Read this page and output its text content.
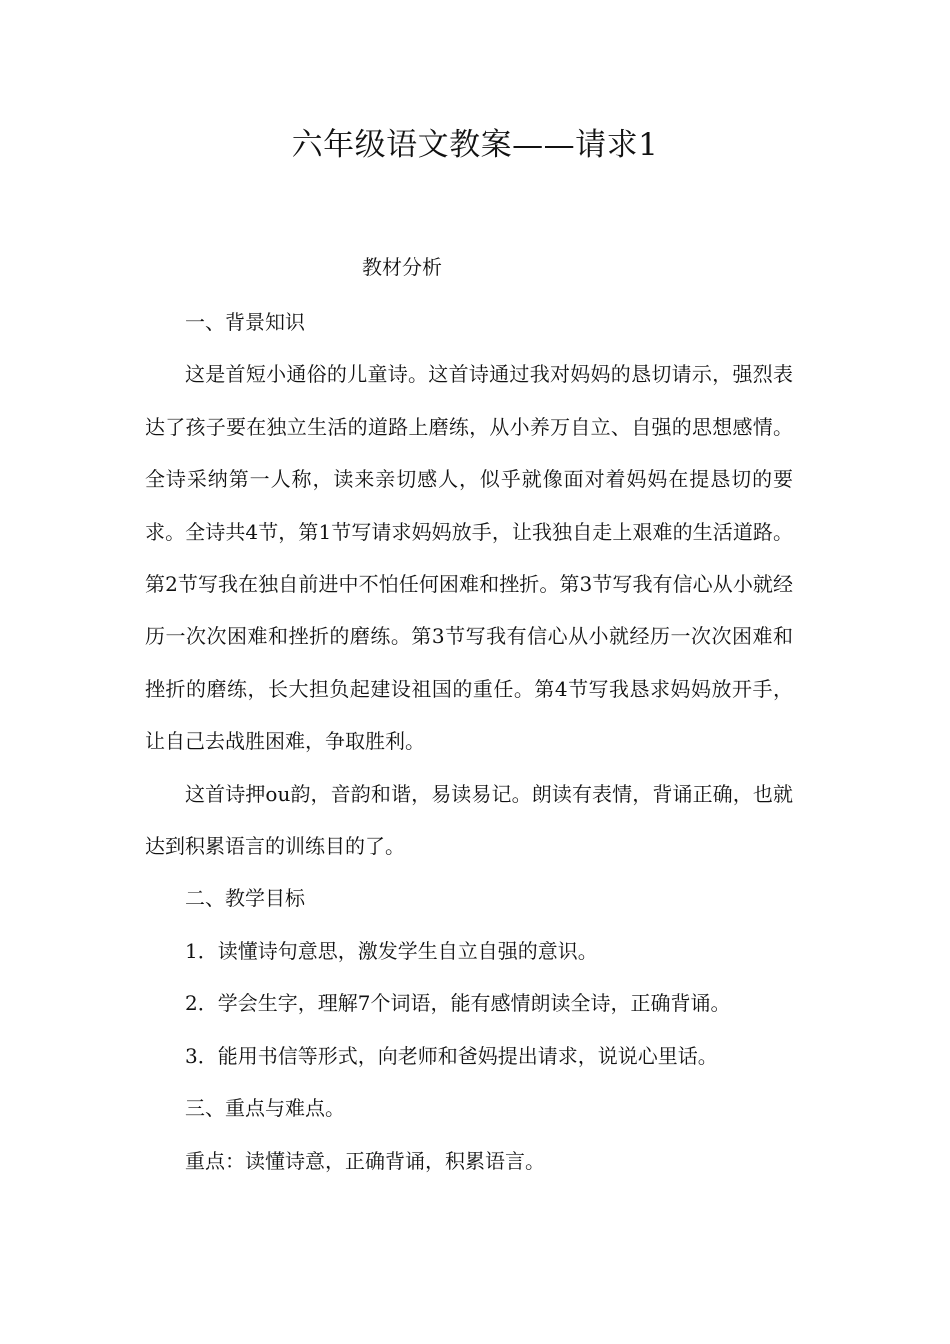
六年级语文教案——请求1
教材分析

一、背景知识

这是首短小通俗的儿童诗。这首诗通过我对妈妈的恳切请示，强烈表达了孩子要在独立生活的道路上磨练，从小养万自立、自强的思想感情。全诗采纳第一人称，读来亲切感人，似乎就像面对着妈妈在提恳切的要求。全诗共4节，第1节写请求妈妈放手，让我独自走上艰难的生活道路。第2节写我在独自前进中不怕任何困难和挫折。第3节写我有信心从小就经历一次次困难和挫折的磨练。第3节写我有信心从小就经历一次次困难和挫折的磨练，长大担负起建设祖国的重任。第4节写我恳求妈妈放开手，让自己去战胜困难，争取胜利。

这首诗押ou韵，音韵和谐，易读易记。朗读有表情，背诵正确，也就达到积累语言的训练目的了。

二、教学目标

1．读懂诗句意思，激发学生自立自强的意识。

2．学会生字，理解7个词语，能有感情朗读全诗，正确背诵。

3．能用书信等形式，向老师和爸妈提出请求，说说心里话。

三、重点与难点。

重点：读懂诗意，正确背诵，积累语言。
